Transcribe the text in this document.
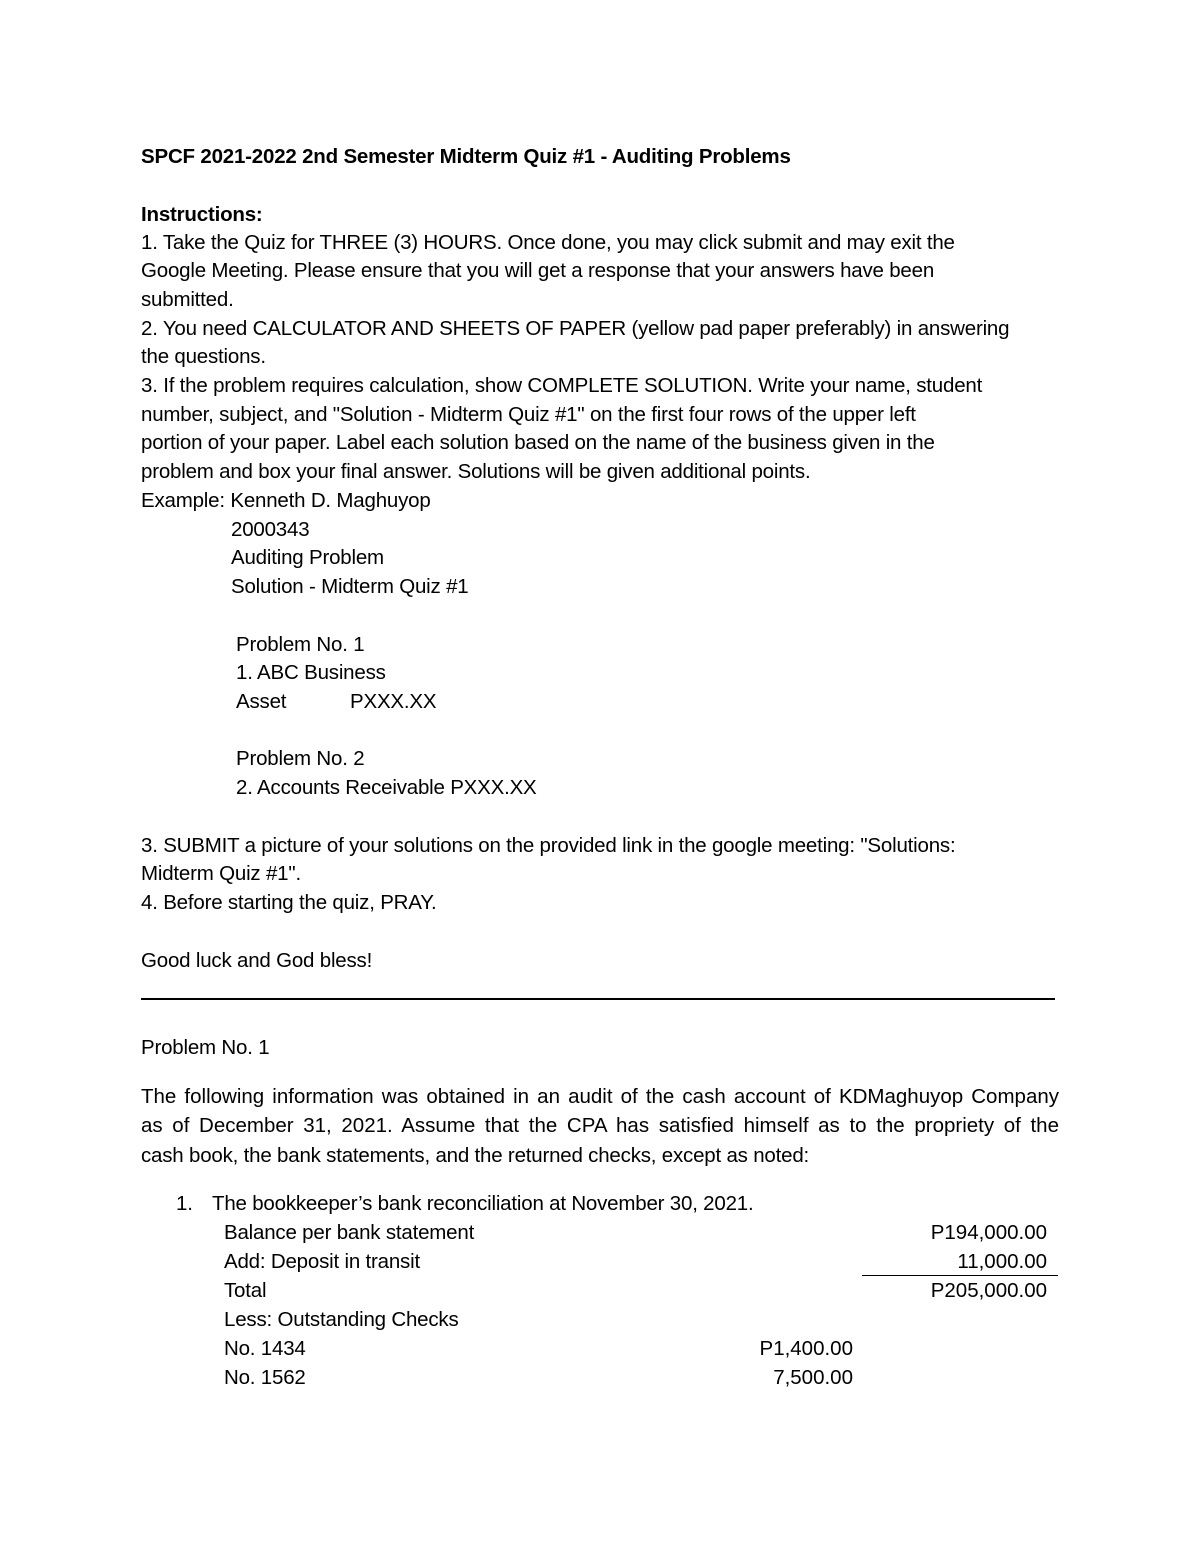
SPCF 2021-2022 2nd Semester Midterm Quiz #1 - Auditing Problems
Instructions:
1. Take the Quiz for THREE (3) HOURS. Once done, you may click submit and may exit the
Google Meeting. Please ensure that you will get a response that your answers have been
submitted.
2. You need CALCULATOR AND SHEETS OF PAPER (yellow pad paper preferably) in answering
the questions.
3. If the problem requires calculation, show COMPLETE SOLUTION. Write your name, student
number, subject, and "Solution - Midterm Quiz #1" on the first four rows of the upper left
portion of your paper. Label each solution based on the name of the business given in the
problem and box your final answer. Solutions will be given additional points.
Example: Kenneth D. Maghuyop
2000343
Auditing Problem
Solution - Midterm Quiz #1
Problem No. 1
1. ABC Business
Asset	PXXX.XX
Problem No. 2
2. Accounts Receivable PXXX.XX
3. SUBMIT a picture of your solutions on the provided link in the google meeting: "Solutions:
Midterm Quiz #1".
4. Before starting the quiz, PRAY.
Good luck and God bless!
Problem No. 1
The following information was obtained in an audit of the cash account of KDMaghuyop Company
as of December 31, 2021. Assume that the CPA has satisfied himself as to the propriety of the
cash book, the bank statements, and the returned checks, except as noted:
1. The bookkeeper’s bank reconciliation at November 30, 2021.
Balance per bank statement	P194,000.00
Add: Deposit in transit	11,000.00
Total	P205,000.00
Less: Outstanding Checks
No. 1434	P1,400.00
No. 1562	7,500.00
